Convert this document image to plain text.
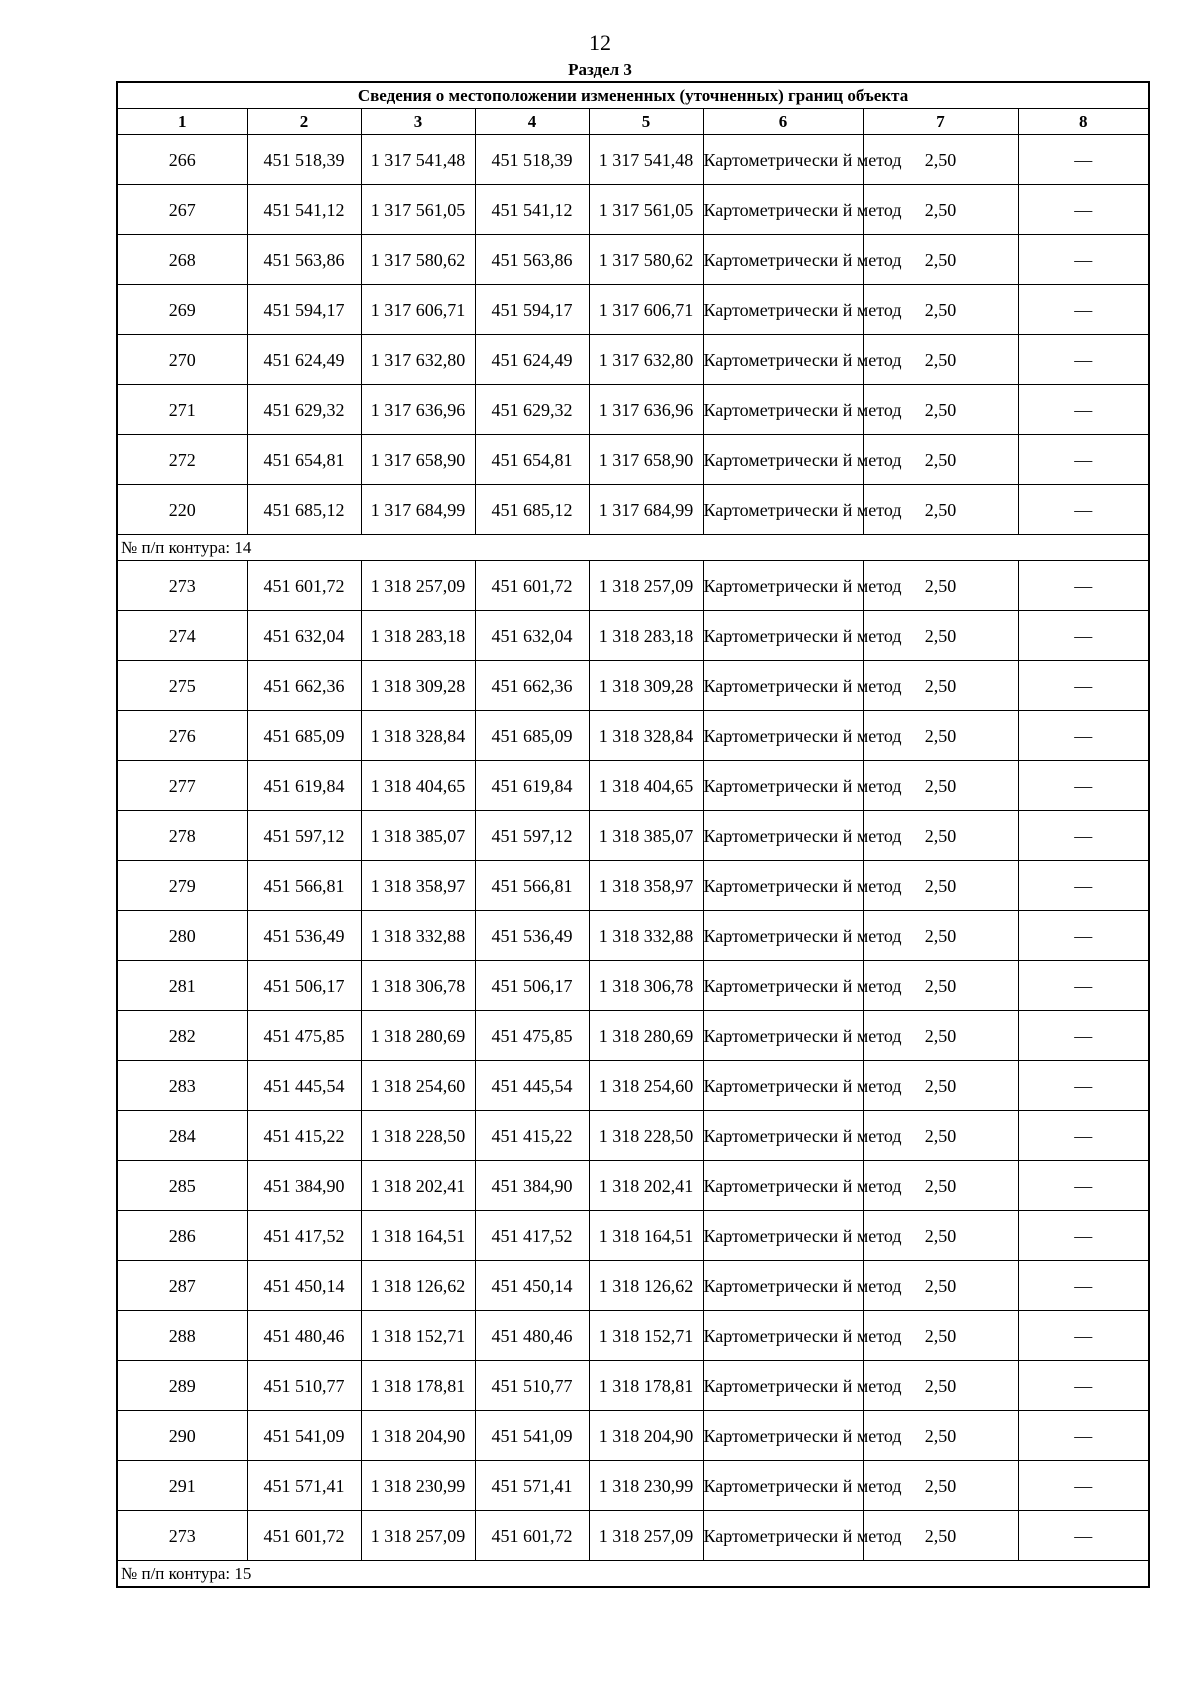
12
Раздел 3
Сведения о местоположении измененных (уточненных) границ объекта							
1	2	3	4	5	6	7	8
266	451 518,39	1 317 541,48	451 518,39	1 317 541,48	Картометрически й метод	2,50	—
267	451 541,12	1 317 561,05	451 541,12	1 317 561,05	Картометрически й метод	2,50	—
268	451 563,86	1 317 580,62	451 563,86	1 317 580,62	Картометрически й метод	2,50	—
269	451 594,17	1 317 606,71	451 594,17	1 317 606,71	Картометрически й метод	2,50	—
270	451 624,49	1 317 632,80	451 624,49	1 317 632,80	Картометрически й метод	2,50	—
271	451 629,32	1 317 636,96	451 629,32	1 317 636,96	Картометрически й метод	2,50	—
272	451 654,81	1 317 658,90	451 654,81	1 317 658,90	Картометрически й метод	2,50	—
220	451 685,12	1 317 684,99	451 685,12	1 317 684,99	Картометрически й метод	2,50	—
№ п/п контура: 14							
273	451 601,72	1 318 257,09	451 601,72	1 318 257,09	Картометрически й метод	2,50	—
274	451 632,04	1 318 283,18	451 632,04	1 318 283,18	Картометрически й метод	2,50	—
275	451 662,36	1 318 309,28	451 662,36	1 318 309,28	Картометрически й метод	2,50	—
276	451 685,09	1 318 328,84	451 685,09	1 318 328,84	Картометрически й метод	2,50	—
277	451 619,84	1 318 404,65	451 619,84	1 318 404,65	Картометрически й метод	2,50	—
278	451 597,12	1 318 385,07	451 597,12	1 318 385,07	Картометрически й метод	2,50	—
279	451 566,81	1 318 358,97	451 566,81	1 318 358,97	Картометрически й метод	2,50	—
280	451 536,49	1 318 332,88	451 536,49	1 318 332,88	Картометрически й метод	2,50	—
281	451 506,17	1 318 306,78	451 506,17	1 318 306,78	Картометрически й метод	2,50	—
282	451 475,85	1 318 280,69	451 475,85	1 318 280,69	Картометрически й метод	2,50	—
283	451 445,54	1 318 254,60	451 445,54	1 318 254,60	Картометрически й метод	2,50	—
284	451 415,22	1 318 228,50	451 415,22	1 318 228,50	Картометрически й метод	2,50	—
285	451 384,90	1 318 202,41	451 384,90	1 318 202,41	Картометрически й метод	2,50	—
286	451 417,52	1 318 164,51	451 417,52	1 318 164,51	Картометрически й метод	2,50	—
287	451 450,14	1 318 126,62	451 450,14	1 318 126,62	Картометрически й метод	2,50	—
288	451 480,46	1 318 152,71	451 480,46	1 318 152,71	Картометрически й метод	2,50	—
289	451 510,77	1 318 178,81	451 510,77	1 318 178,81	Картометрически й метод	2,50	—
290	451 541,09	1 318 204,90	451 541,09	1 318 204,90	Картометрически й метод	2,50	—
291	451 571,41	1 318 230,99	451 571,41	1 318 230,99	Картометрически й метод	2,50	—
273	451 601,72	1 318 257,09	451 601,72	1 318 257,09	Картометрически й метод	2,50	—
№ п/п контура: 15							
